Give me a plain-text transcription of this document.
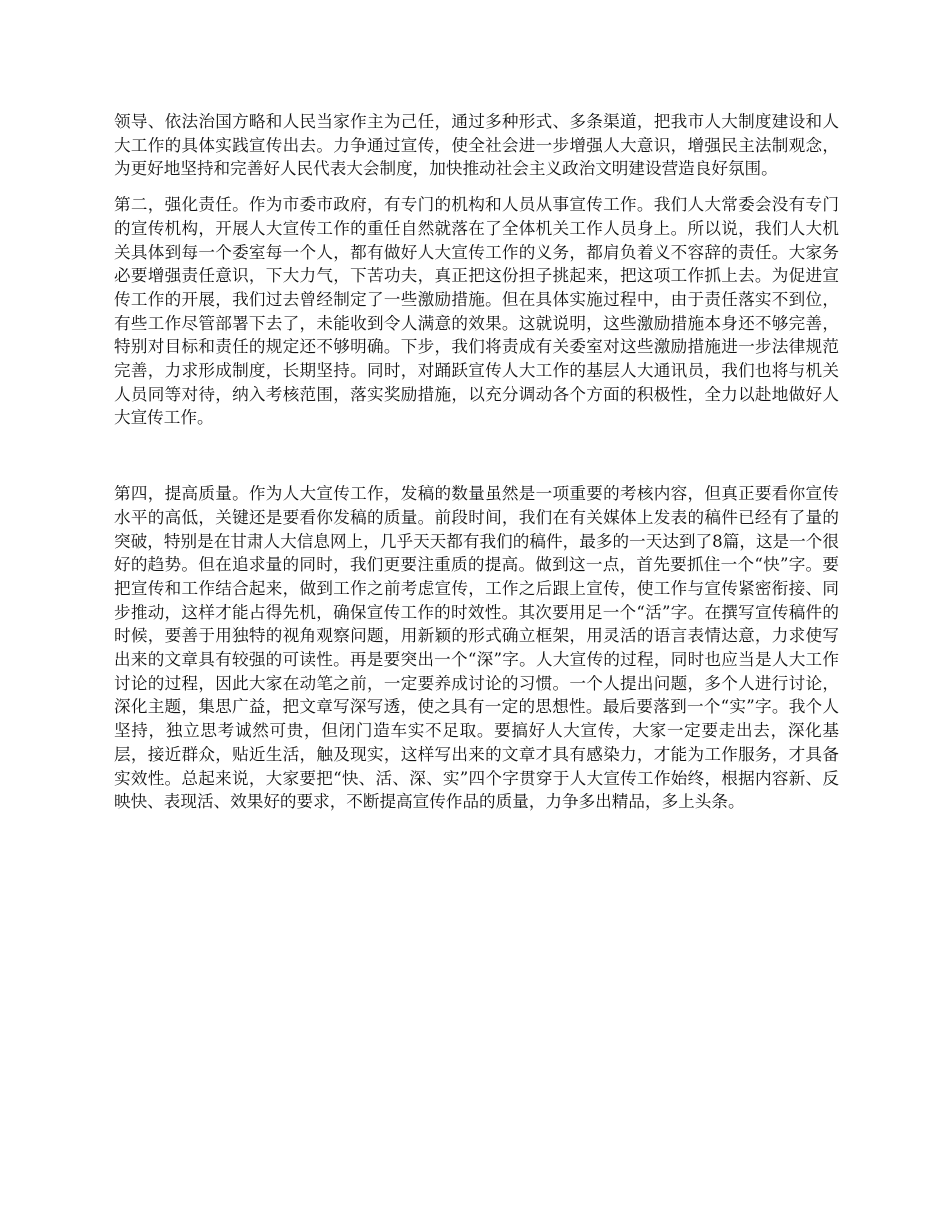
领导、依法治国方略和人民当家作主为己任，通过多种形式、多条渠道，把我市人大制度建设和人大工作的具体实践宣传出去。力争通过宣传，使全社会进一步增强人大意识，增强民主法制观念，为更好地坚持和完善好人民代表大会制度，加快推动社会主义政治文明建设营造良好氛围。

第二，强化责任。作为市委市政府，有专门的机构和人员从事宣传工作。我们人大常委会没有专门的宣传机构，开展人大宣传工作的重任自然就落在了全体机关工作人员身上。所以说，我们人大机关具体到每一个委室每一个人，都有做好人大宣传工作的义务，都肩负着义不容辞的责任。大家务必要增强责任意识，下大力气，下苦功夫，真正把这份担子挑起来，把这项工作抓上去。为促进宣传工作的开展，我们过去曾经制定了一些激励措施。但在具体实施过程中，由于责任落实不到位，有些工作尽管部署下去了，未能收到令人满意的效果。这就说明，这些激励措施本身还不够完善，特别对目标和责任的规定还不够明确。下步，我们将责成有关委室对这些激励措施进一步法律规范完善，力求形成制度，长期坚持。同时，对踊跃宣传人大工作的基层人大通讯员，我们也将与机关人员同等对待，纳入考核范围，落实奖励措施，以充分调动各个方面的积极性，全力以赴地做好人大宣传工作。

第四，提高质量。作为人大宣传工作，发稿的数量虽然是一项重要的考核内容，但真正要看你宣传水平的高低，关键还是要看你发稿的质量。前段时间，我们在有关媒体上发表的稿件已经有了量的突破，特别是在甘肃人大信息网上，几乎天天都有我们的稿件，最多的一天达到了8篇，这是一个很好的趋势。但在追求量的同时，我们更要注重质的提高。做到这一点，首先要抓住一个“快”字。要把宣传和工作结合起来，做到工作之前考虑宣传，工作之后跟上宣传，使工作与宣传紧密衔接、同步推动，这样才能占得先机，确保宣传工作的时效性。其次要用足一个“活”字。在撰写宣传稿件的时候，要善于用独特的视角观察问题，用新颖的形式确立框架，用灵活的语言表情达意，力求使写出来的文章具有较强的可读性。再是要突出一个“深”字。人大宣传的过程，同时也应当是人大工作讨论的过程，因此大家在动笔之前，一定要养成讨论的习惯。一个人提出问题，多个人进行讨论，深化主题，集思广益，把文章写深写透，使之具有一定的思想性。最后要落到一个“实”字。我个人坚持，独立思考诚然可贵，但闭门造车实不足取。要搞好人大宣传，大家一定要走出去，深化基层，接近群众，贴近生活，触及现实，这样写出来的文章才具有感染力，才能为工作服务，才具备实效性。总起来说，大家要把“快、活、深、实”四个字贯穿于人大宣传工作始终，根据内容新、反映快、表现活、效果好的要求，不断提高宣传作品的质量，力争多出精品，多上头条。
